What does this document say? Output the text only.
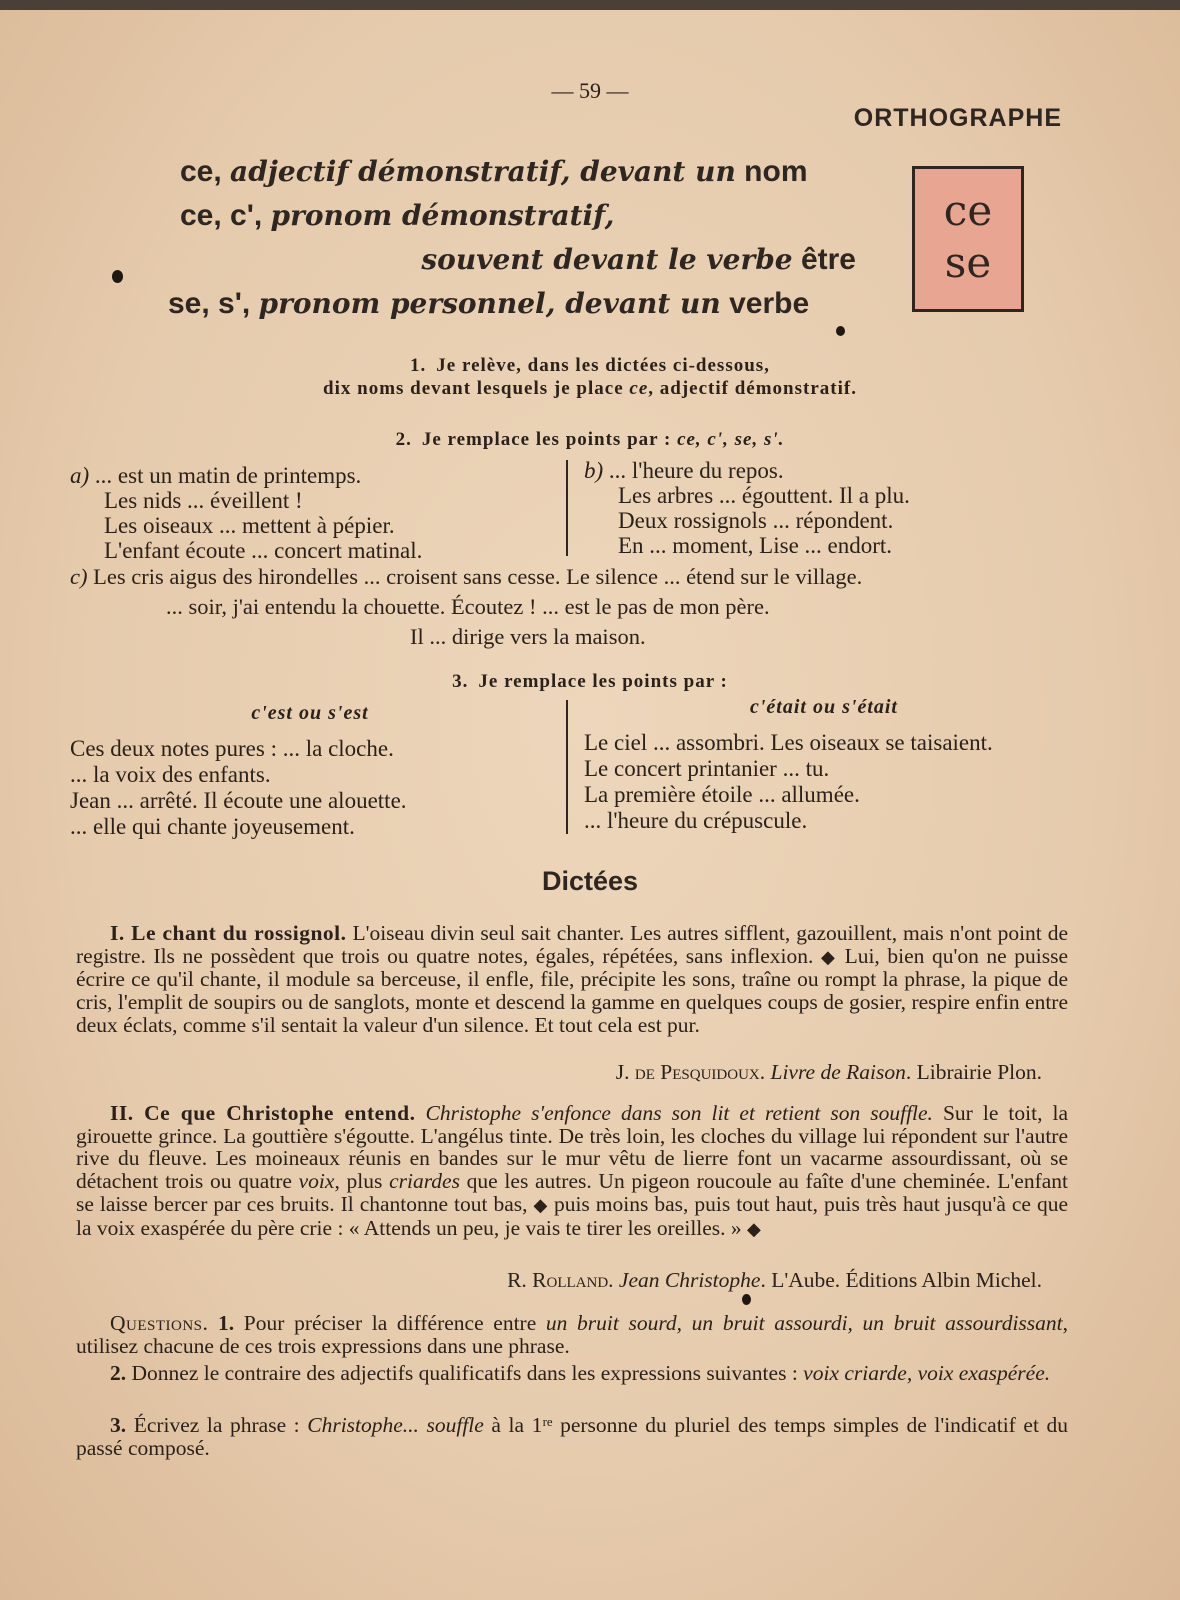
— 59 —
ORTHOGRAPHE
ce, adjectif démonstratif, devant un nom
ce, c', pronom démonstratif,
souvent devant le verbe être
se, s', pronom personnel, devant un verbe
ce
se
1. Je relève, dans les dictées ci-dessous,
dix noms devant lesquels je place ce, adjectif démonstratif.
2. Je remplace les points par : ce, c', se, s'.
a) ... est un matin de printemps.
Les nids ... éveillent !
Les oiseaux ... mettent à pépier.
L'enfant écoute ... concert matinal.
b) ... l'heure du repos.
Les arbres ... égouttent. Il a plu.
Deux rossignols ... répondent.
En ... moment, Lise ... endort.
c) Les cris aigus des hirondelles ... croisent sans cesse. Le silence ... étend sur le village.
... soir, j'ai entendu la chouette. Écoutez ! ... est le pas de mon père.
Il ... dirige vers la maison.
3. Je remplace les points par :
c'est ou s'est	c'était ou s'était
Ces deux notes pures : ... la cloche.
... la voix des enfants.
Jean ... arrêté. Il écoute une alouette.
... elle qui chante joyeusement.
Le ciel ... assombri. Les oiseaux se taisaient.
Le concert printanier ... tu.
La première étoile ... allumée.
... l'heure du crépuscule.
Dictées
I. Le chant du rossignol. L'oiseau divin seul sait chanter. Les autres sifflent, gazouillent, mais n'ont point de registre. Ils ne possèdent que trois ou quatre notes, égales, répétées, sans inflexion. ◆ Lui, bien qu'on ne puisse écrire ce qu'il chante, il module sa berceuse, il enfle, file, précipite les sons, traîne ou rompt la phrase, la pique de cris, l'emplit de soupirs ou de sanglots, monte et descend la gamme en quelques coups de gosier, respire enfin entre deux éclats, comme s'il sentait la valeur d'un silence. Et tout cela est pur.
J. de Pesquidoux. Livre de Raison. Librairie Plon.
II. Ce que Christophe entend. Christophe s'enfonce dans son lit et retient son souffle. Sur le toit, la girouette grince. La gouttière s'égoutte. L'angélus tinte. De très loin, les cloches du village lui répondent sur l'autre rive du fleuve. Les moineaux réunis en bandes sur le mur vêtu de lierre font un vacarme assourdissant, où se détachent trois ou quatre voix, plus criardes que les autres. Un pigeon roucoule au faîte d'une cheminée. L'enfant se laisse bercer par ces bruits. Il chantonne tout bas, ◆ puis moins bas, puis tout haut, puis très haut jusqu'à ce que la voix exaspérée du père crie : « Attends un peu, je vais te tirer les oreilles. » ◆
R. Rolland. Jean Christophe. L'Aube. Éditions Albin Michel.
Questions. 1. Pour préciser la différence entre un bruit sourd, un bruit assourdi, un bruit assourdissant, utilisez chacune de ces trois expressions dans une phrase.
2. Donnez le contraire des adjectifs qualificatifs dans les expressions suivantes : voix criarde, voix exaspérée.
3. Écrivez la phrase : Christophe... souffle à la 1ʳᵉ personne du pluriel des temps simples de l'indicatif et du passé composé.
